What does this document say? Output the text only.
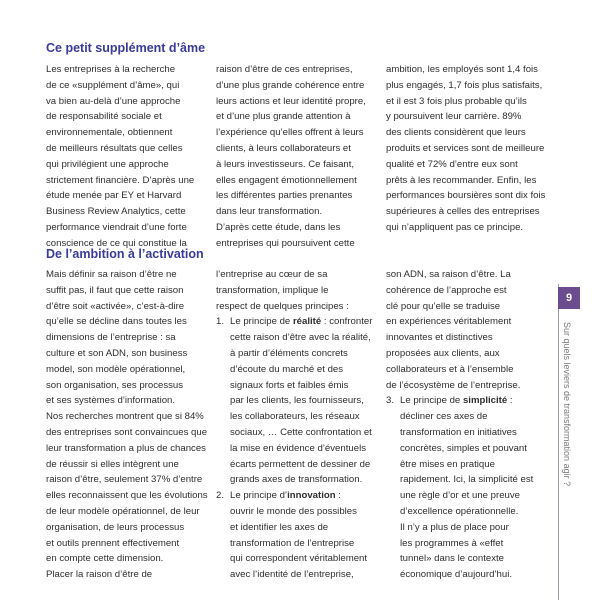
Ce petit supplément d’âme
Les entreprises à la recherche
de ce «supplément d’âme», qui
va bien au-delà d’une approche
de responsabilité sociale et
environnementale, obtiennent
de meilleurs résultats que celles
qui privilégient une approche
strictement financière. D’après une
étude menée par EY et Harvard
Business Review Analytics, cette
performance viendrait d’une forte
conscience de ce qui constitue la
raison d’être de ces entreprises,
d’une plus grande cohérence entre
leurs actions et leur identité propre,
et d’une plus grande attention à
l’expérience qu’elles offrent à leurs
clients, à leurs collaborateurs et
à leurs investisseurs. Ce faisant,
elles engagent émotionnellement
les différentes parties prenantes
dans leur transformation.
D’après cette étude, dans les
entreprises qui poursuivent cette
ambition, les employés sont 1,4 fois
plus engagés, 1,7 fois plus satisfaits,
et il est 3 fois plus probable qu’ils
y poursuivent leur carrière. 89%
des clients considèrent que leurs
produits et services sont de meilleure
qualité et 72% d’entre eux sont
prêts à les recommander. Enfin, les
performances boursières sont dix fois
supérieures à celles des entreprises
qui n’appliquent pas ce principe.
De l’ambition à l’activation
Mais définir sa raison d’être ne
suffit pas, il faut que cette raison
d’être soit «activée», c’est-à-dire
qu’elle se décline dans toutes les
dimensions de l’entreprise : sa
culture et son ADN, son business
model, son modèle opérationnel,
son organisation, ses processus
et ses systèmes d’information.
Nos recherches montrent que si 84%
des entreprises sont convaincues que
leur transformation a plus de chances
de réussir si elles intègrent une
raison d’être, seulement 37% d’entre
elles reconnaissent que les évolutions
de leur modèle opérationnel, de leur
organisation, de leurs processus
et outils prennent effectivement
en compte cette dimension.
Placer la raison d’être de
l’entreprise au cœur de sa
transformation, implique le
respect de quelques principes :
1. Le principe de réalité : confronter
cette raison d’être avec la réalité,
à partir d’éléments concrets
d’écoute du marché et des
signaux forts et faibles émis
par les clients, les fournisseurs,
les collaborateurs, les réseaux
sociaux, … Cette confrontation et
la mise en évidence d’éventuels
écarts permettent de dessiner de
grands axes de transformation.
2. Le principe d’innovation :
ouvrir le monde des possibles
et identifier les axes de
transformation de l’entreprise
qui correspondent véritablement
avec l’identité de l’entreprise,
son ADN, sa raison d’être. La
cohérence de l’approche est
clé pour qu’elle se traduise
en expériences véritablement
innovantes et distinctives
proposées aux clients, aux
collaborateurs et à l’ensemble
de l’écosystème de l’entreprise.
3. Le principe de simplicité :
décliner ces axes de
transformation en initiatives
concrètes, simples et pouvant
être mises en pratique
rapidement. Ici, la simplicité est
une règle d’or et une preuve
d’excellence opérationnelle.
Il n’y a plus de place pour
les programmes à «effet
tunnel» dans le contexte
économique d’aujourd’hui.
9
Sur quels leviers de transformation agir ?
